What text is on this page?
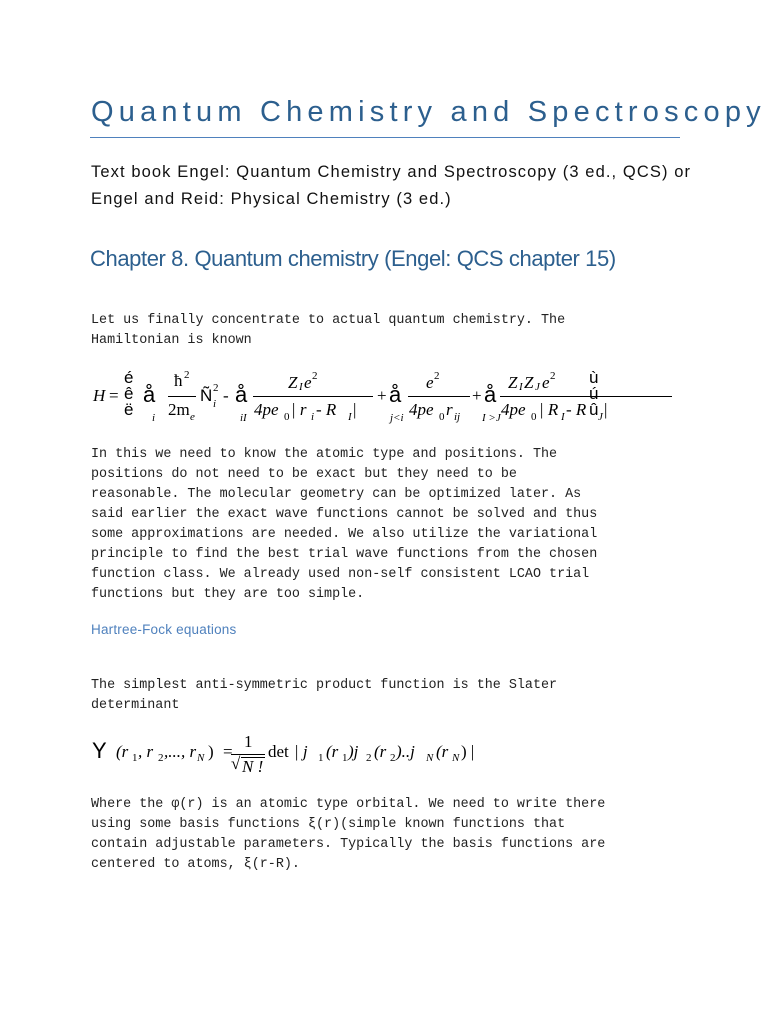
Quantum Chemistry and Spectroscopy
Text book Engel: Quantum Chemistry and Spectroscopy (3 ed., QCS) or
Engel and Reid: Physical Chemistry (3 ed.)
Chapter 8. Quantum chemistry (Engel: QCS chapter 15)
Let us finally concentrate to actual quantum chemistry. The
Hamiltonian is known
H =
é
ê
ë
å
i
ħ 2
2m e
Ñ 2
i - å
iI
Z I e 2
4pe 0 | r i - R I |
+ å
j<i
e 2
4pe 0 r ij
+ å
I >J
Z I Z J e 2
4pe 0 | R I - R J |
ù
ú
û
In this we need to know the atomic type and positions. The
positions do not need to be exact but they need to be
reasonable. The molecular geometry can be optimized later. As
said earlier the exact wave functions cannot be solved and thus
some approximations are needed. We also utilize the variational
principle to find the best trial wave functions from the chosen
function class. We already used non-self consistent LCAO trial
functions but they are too simple.
Hartree-Fock equations
The simplest anti-symmetric product function is the Slater
determinant
Y (r 1 , r 2 ,..., r N ) =
1
√ N !
det | j 1 (r 1 )j 2 (r 2 )..j N (r N ) |
Where the φ(r) is an atomic type orbital. We need to write there
using some basis functions ξ(r)(simple known functions that
contain adjustable parameters. Typically the basis functions are
centered to atoms, ξ(r-R).
